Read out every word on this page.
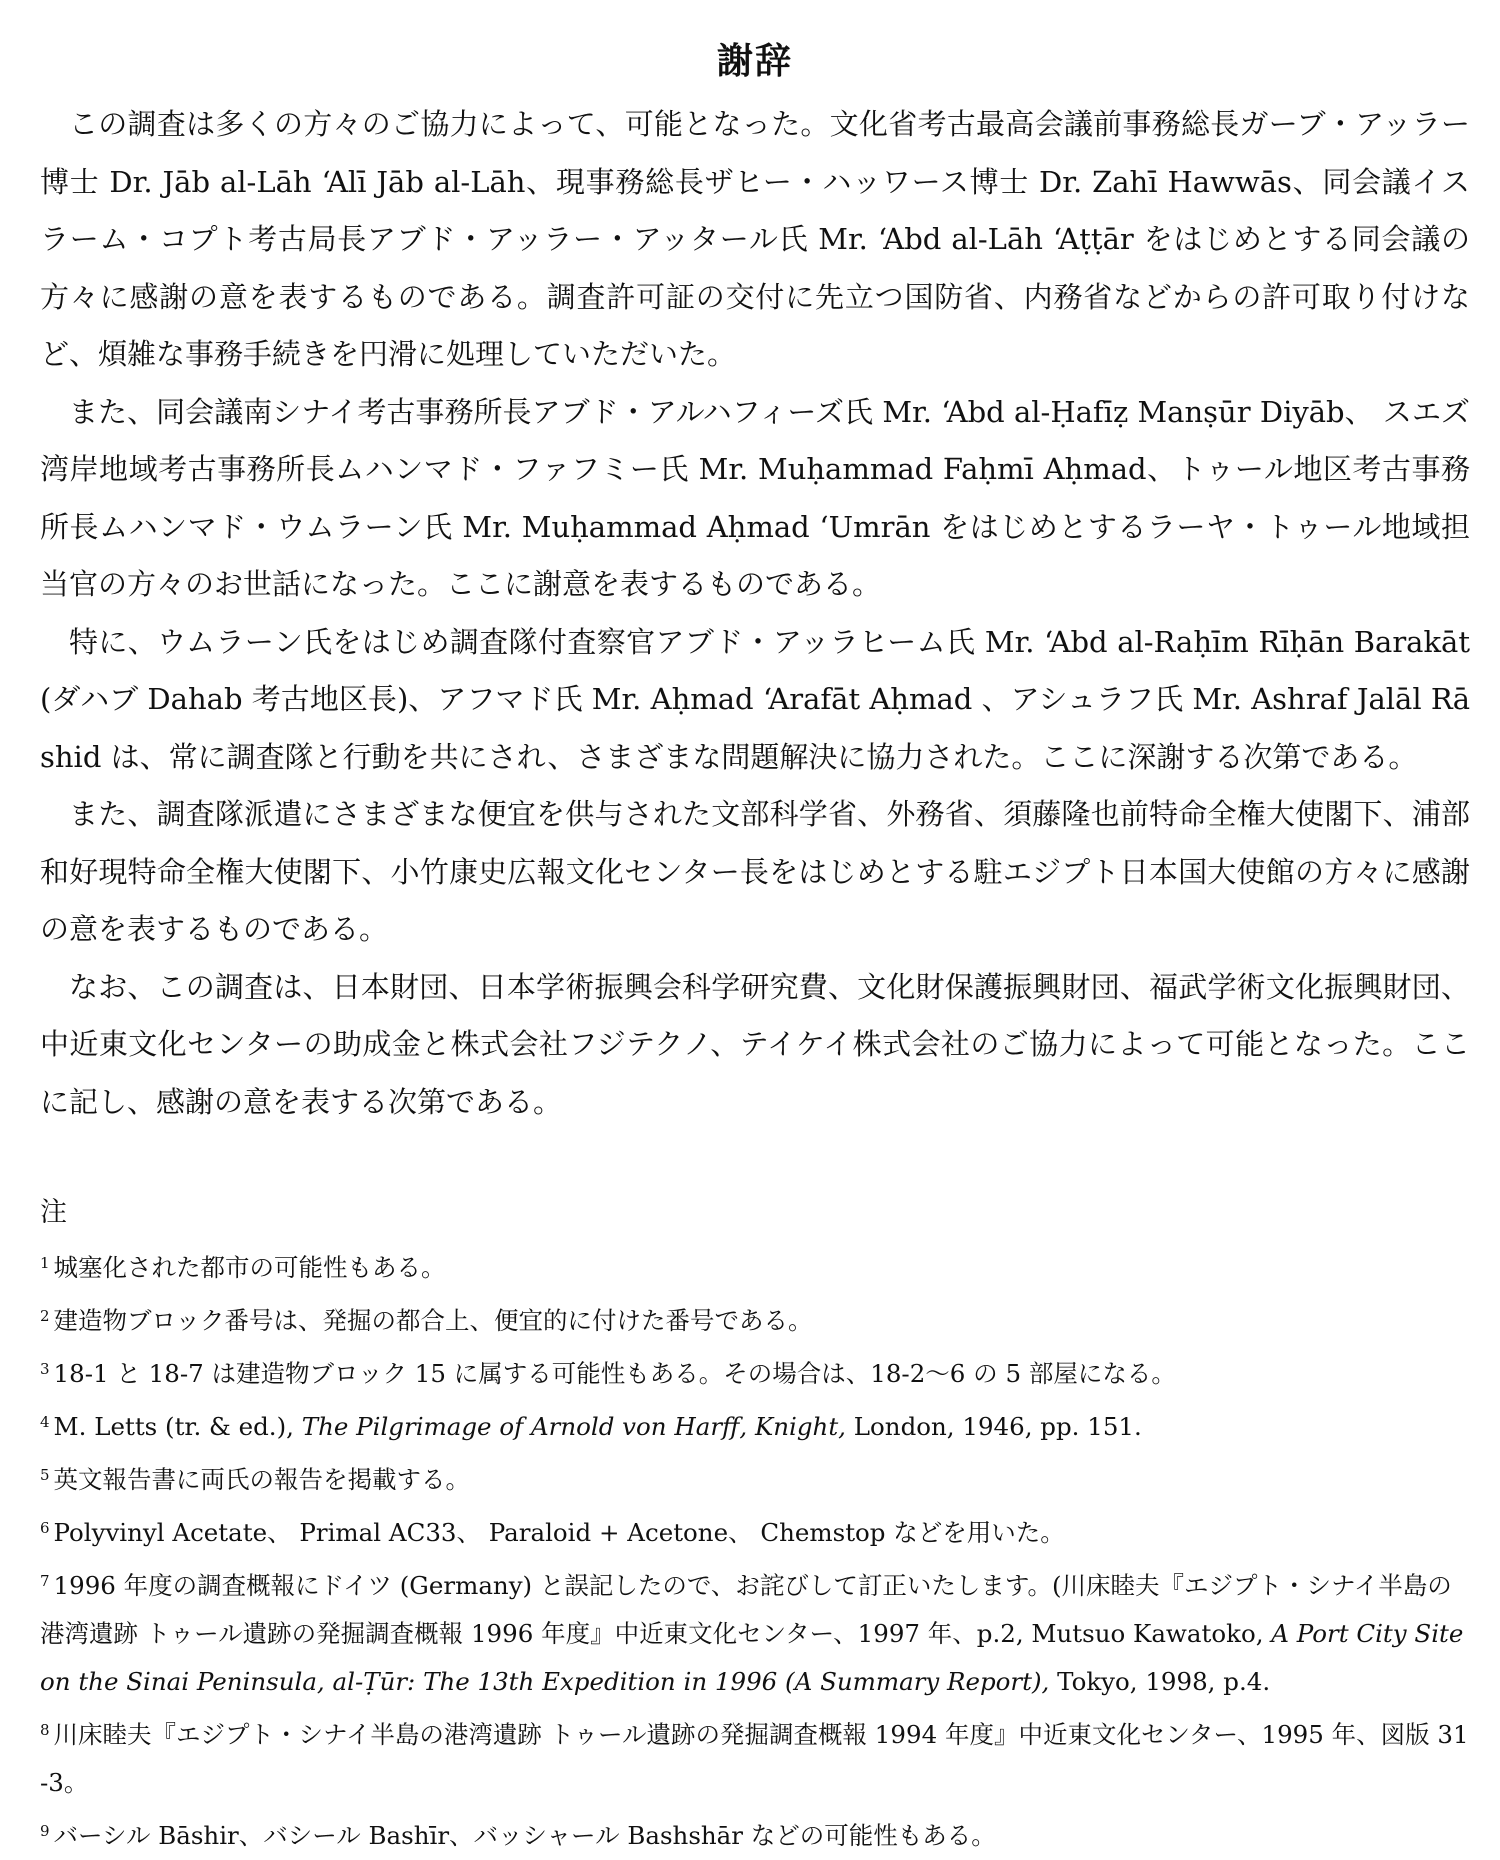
謝辞

この調査は多くの方々のご協力によって、可能となった。文化省考古最高会議前事務総長ガーブ・アッラー博士 Dr. Jāb al-Lāh ‘Alī Jāb al-Lāh、現事務総長ザヒー・ハッワース博士 Dr. Zahī Hawwās、同会議イスラーム・コプト考古局長アブド・アッラー・アッタール氏 Mr. ‘Abd al-Lāh ‘Aṭṭār をはじめとする同会議の方々に感謝の意を表するものである。調査許可証の交付に先立つ国防省、内務省などからの許可取り付けなど、煩雑な事務手続きを円滑に処理していただいた。

また、同会議南シナイ考古事務所長アブド・アルハフィーズ氏 Mr. ‘Abd al-Ḥafīẓ Manṣūr Diyāb、 スエズ湾岸地域考古事務所長ムハンマド・ファフミー氏 Mr. Muḥammad Faḥmī Aḥmad、トゥール地区考古事務所長ムハンマド・ウムラーン氏 Mr. Muḥammad Aḥmad ‘Umrān をはじめとするラーヤ・トゥール地域担当官の方々のお世話になった。ここに謝意を表するものである。

特に、ウムラーン氏をはじめ調査隊付査察官アブド・アッラヒーム氏 Mr. ‘Abd al-Raḥīm Rīḥān Barakāt (ダハブ Dahab 考古地区長)、アフマド氏 Mr. Aḥmad ‘Arafāt Aḥmad 、アシュラフ氏 Mr. Ashraf Jalāl Rāshid は、常に調査隊と行動を共にされ、さまざまな問題解決に協力された。ここに深謝する次第である。

また、調査隊派遣にさまざまな便宜を供与された文部科学省、外務省、須藤隆也前特命全権大使閣下、浦部和好現特命全権大使閣下、小竹康史広報文化センター長をはじめとする駐エジプト日本国大使館の方々に感謝の意を表するものである。

なお、この調査は、日本財団、日本学術振興会科学研究費、文化財保護振興財団、福武学術文化振興財団、中近東文化センターの助成金と株式会社フジテクノ、テイケイ株式会社のご協力によって可能となった。ここに記し、感謝の意を表する次第である。

注

$^1$ 城塞化された都市の可能性もある。

$^2$ 建造物ブロック番号は、発掘の都合上、便宜的に付けた番号である。

$^3$ 18-1 と 18-7 は建造物ブロック 15 に属する可能性もある。その場合は、18-2〜6 の 5 部屋になる。

$^4$ M. Letts (tr. & ed.), The Pilgrimage of Arnold von Harff, Knight, London, 1946, pp. 151.

$^5$ 英文報告書に両氏の報告を掲載する。

$^6$ Polyvinyl Acetate、 Primal AC33、 Paraloid + Acetone、 Chemstop などを用いた。

$^7$ 1996 年度の調査概報にドイツ (Germany) と誤記したので、お詫びして訂正いたします。(川床睦夫『エジプト・シナイ半島の港湾遺跡 トゥール遺跡の発掘調査概報 1996 年度』中近東文化センター、1997 年、p.2, Mutsuo Kawatoko, A Port City Site on the Sinai Peninsula, al-Ṭūr: The 13th Expedition in 1996 (A Summary Report), Tokyo, 1998, p.4.

$^8$ 川床睦夫『エジプト・シナイ半島の港湾遺跡 トゥール遺跡の発掘調査概報 1994 年度』中近東文化センター、1995 年、図版 31-3。

$^9$ バーシル Bāshir、バシール Bashīr、バッシャール Bashshār などの可能性もある。
